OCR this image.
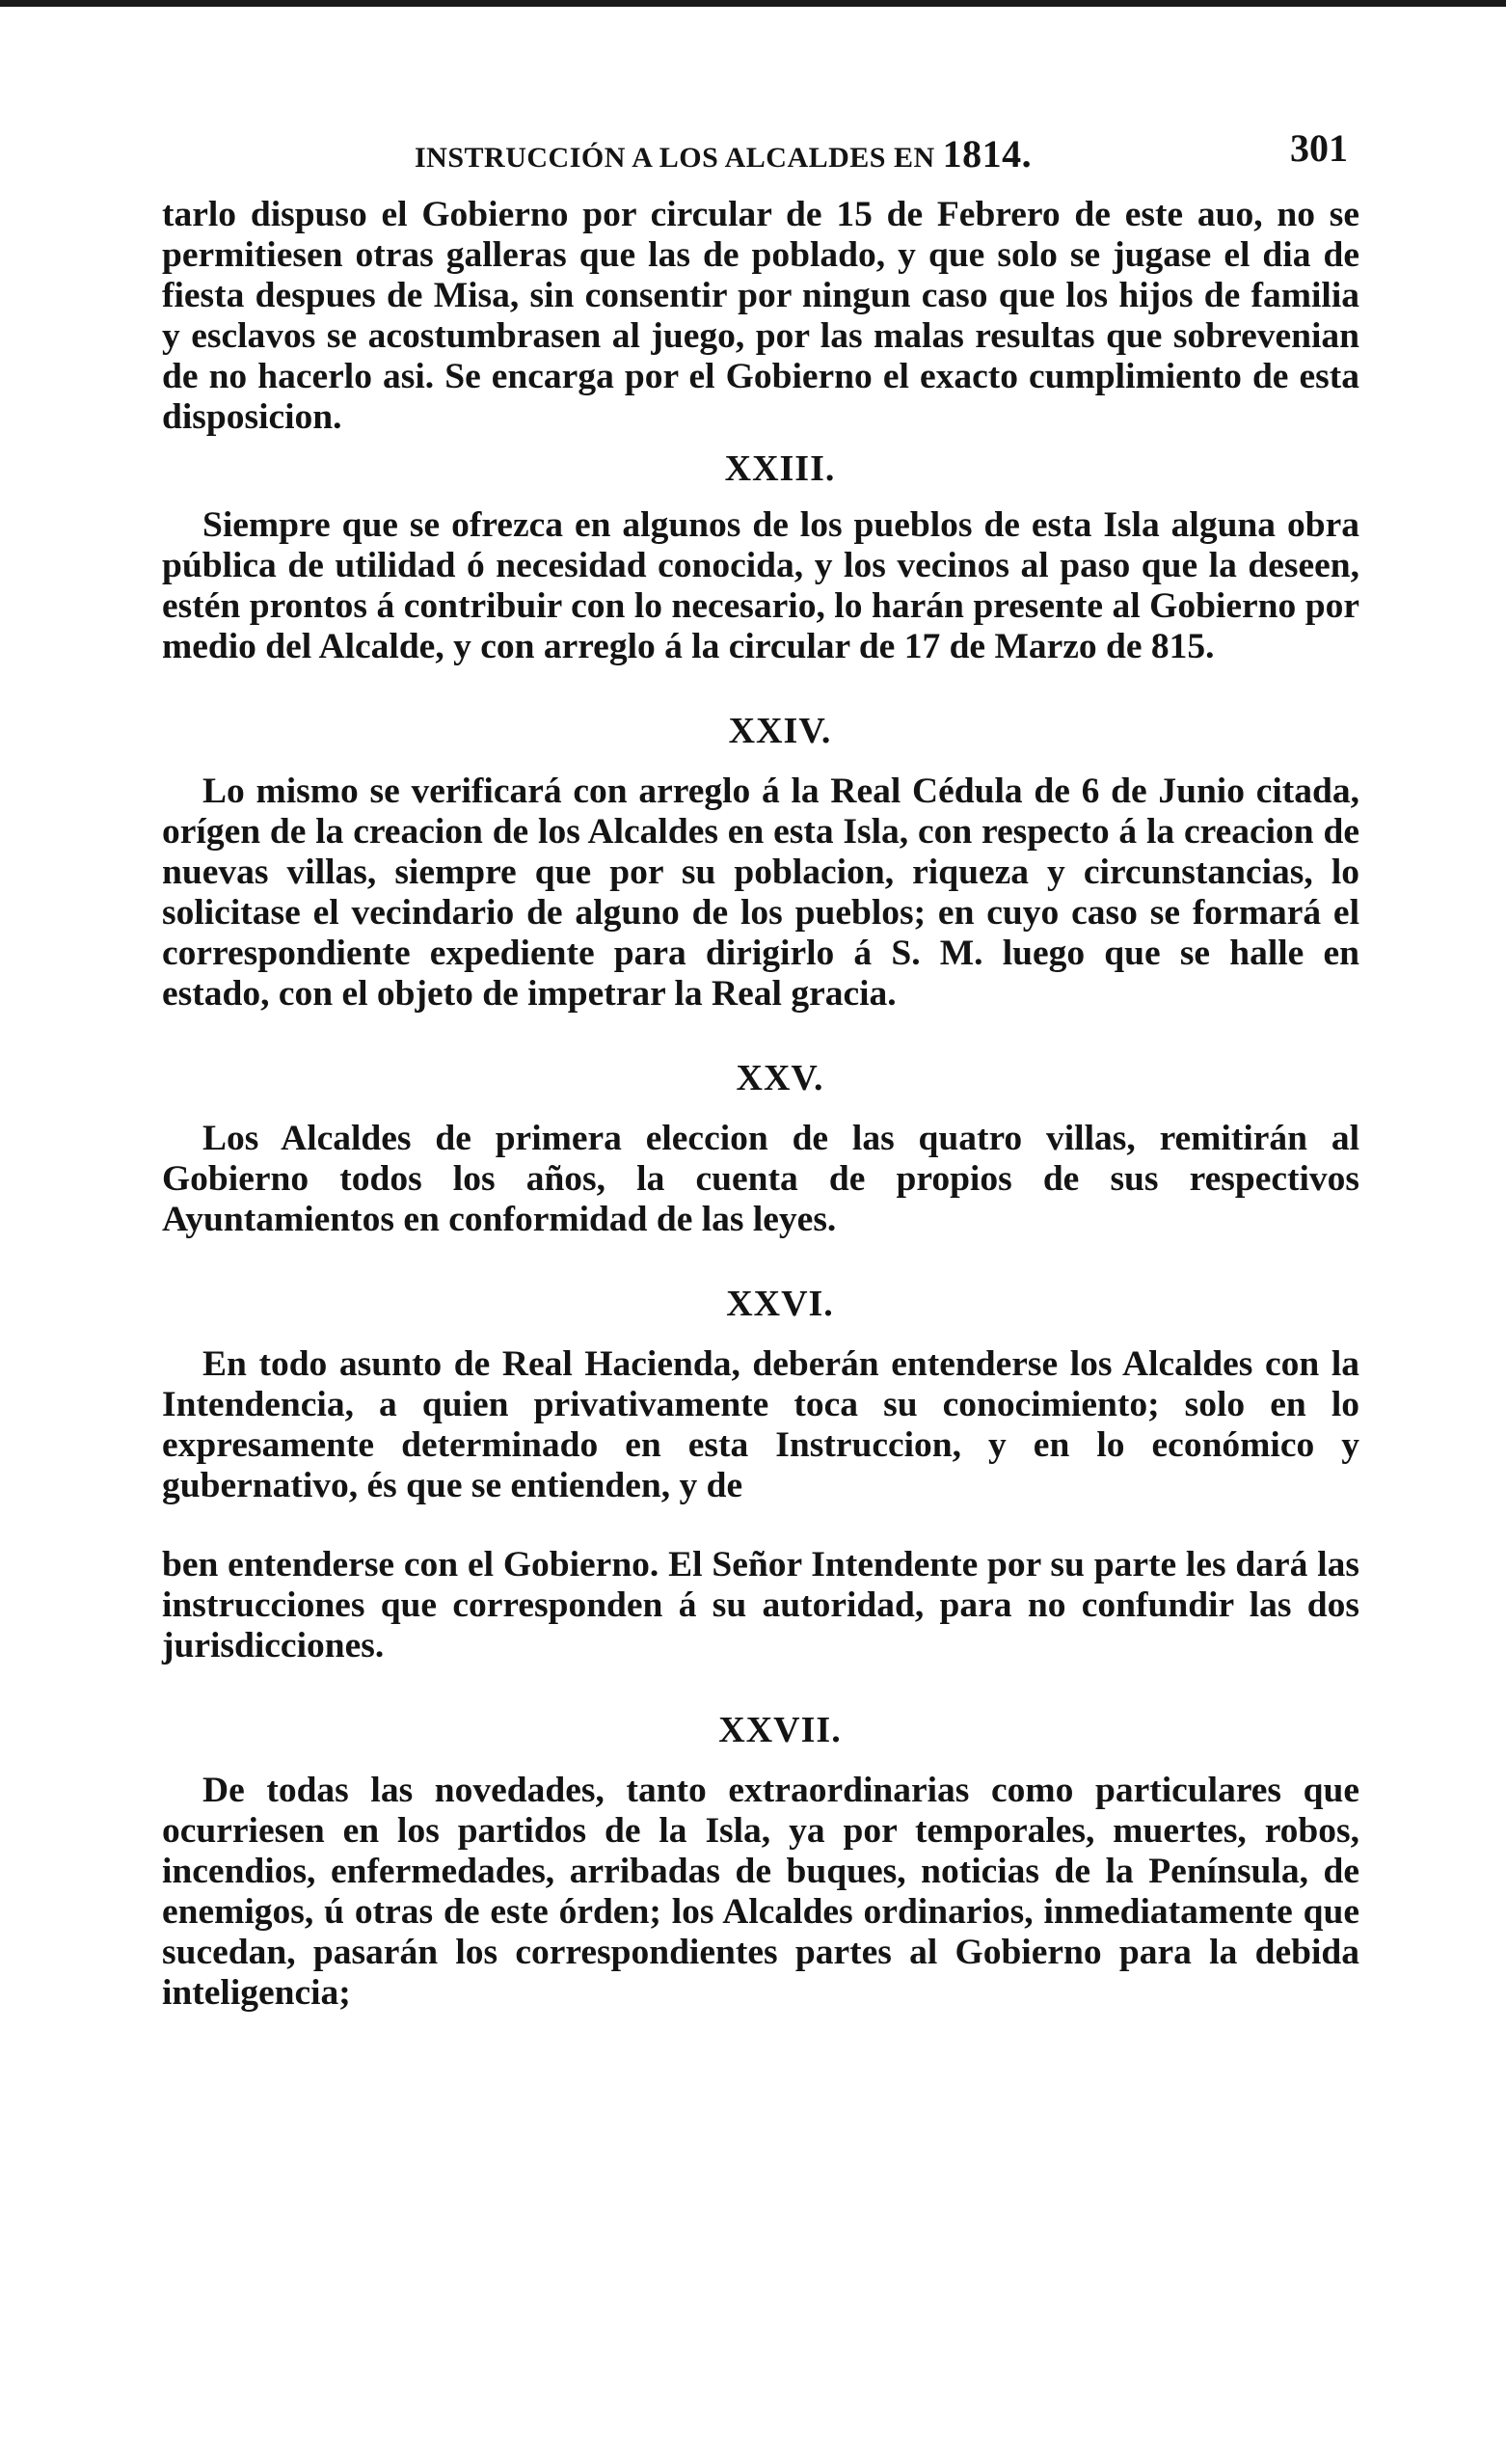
INSTRUCCIÓN A LOS ALCALDES EN 1814.	301

tarlo dispuso el Gobierno por circular de 15 de Febrero de este auo, no se permitiesen otras galleras que las de poblado, y que solo se jugase el dia de fiesta despues de Misa, sin consentir por ningun caso que los hijos de familia y esclavos se acostumbrasen al juego, por las malas resultas que sobrevenian de no hacerlo asi. Se encarga por el Gobierno el exacto cumplimiento de esta disposicion.

XXIII.

Siempre que se ofrezca en algunos de los pueblos de esta Isla alguna obra pública de utilidad ó necesidad conocida, y los vecinos al paso que la deseen, estén prontos á contribuir con lo necesario, lo harán presente al Gobierno por medio del Alcalde, y con arreglo á la circular de 17 de Marzo de 815.

XXIV.

Lo mismo se verificará con arreglo á la Real Cédula de 6 de Junio citada, orígen de la creacion de los Alcaldes en esta Isla, con respecto á la creacion de nuevas villas, siempre que por su poblacion, riqueza y circunstancias, lo solicitase el vecindario de alguno de los pueblos; en cuyo caso se formará el correspondiente expediente para dirigirlo á S. M. luego que se halle en estado, con el objeto de impetrar la Real gracia.

XXV.

Los Alcaldes de primera eleccion de las quatro villas, remitirán al Gobierno todos los años, la cuenta de propios de sus respectivos Ayuntamientos en conformidad de las leyes.

XXVI.

En todo asunto de Real Hacienda, deberán entenderse los Alcaldes con la Intendencia, a quien privativamente toca su conocimiento; solo en lo expresamente determinado en esta Instruccion, y en lo económico y gubernativo, és que se entienden, y de

ben entenderse con el Gobierno. El Señor Intendente por su parte les dará las instrucciones que corresponden á su autoridad, para no confundir las dos jurisdicciones.

XXVII.

De todas las novedades, tanto extraordinarias como particulares que ocurriesen en los partidos de la Isla, ya por temporales, muertes, robos, incendios, enfermedades, arribadas de buques, noticias de la Península, de enemigos, ú otras de este órden; los Alcaldes ordinarios, inmediatamente que sucedan, pasarán los correspondientes partes al Gobierno para la debida inteligencia;
